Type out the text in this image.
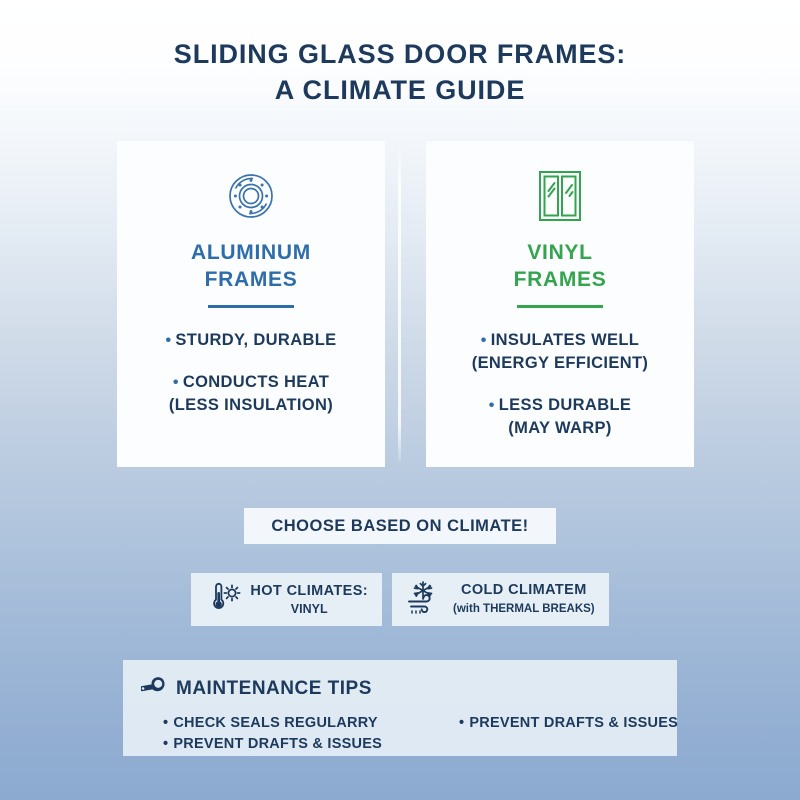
SLIDING GLASS DOOR FRAMES:
A CLIMATE GUIDE
ALUMINUM
FRAMES
• STURDY, DURABLE
• CONDUCTS HEAT
(LESS INSULATION)
VINYL
FRAMES
• INSULATES WELL
(ENERGY EFFICIENT)
• LESS DURABLE
(MAY WARP)
CHOOSE BASED ON CLIMATE!
HOT CLIMATES:
VINYL
COLD CLIMATEM
(with THERMAL BREAKS)
MAINTENANCE TIPS
• CHECK SEALS REGULARRY
• PREVENT DRAFTS & ISSUES
• PREVENT DRAFTS & ISSUES
